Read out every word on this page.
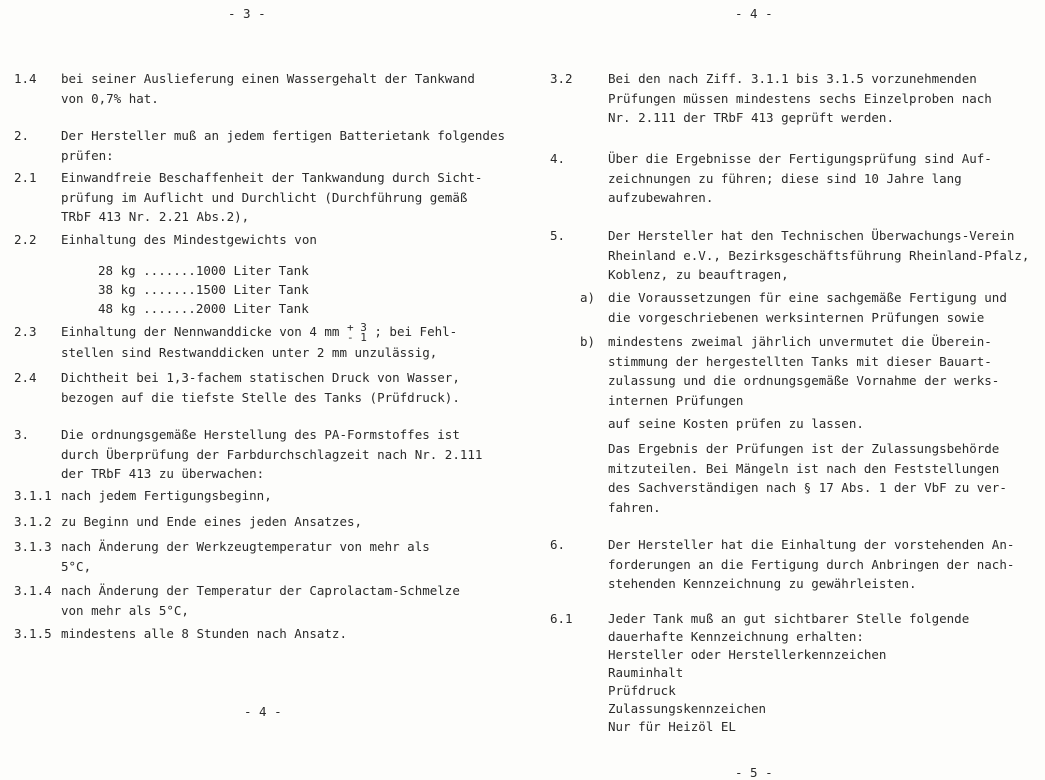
- 3 -
1.4 bei seiner Auslieferung einen Wassergehalt der Tankwand
von 0,7% hat.
2.	Der Hersteller muß an jedem fertigen Batterietank folgendes
prüfen:
2.1 Einwandfreie Beschaffenheit der Tankwandung durch Sicht-
prüfung im Auflicht und Durchlicht (Durchführung gemäß
TRbF 413 Nr. 2.21 Abs.2),
2.2 Einhaltung des Mindestgewichts von
28 kg .......1000 Liter Tank
38 kg .......1500 Liter Tank
48 kg .......2000 Liter Tank
2.3 Einhaltung der Nennwanddicke von 4 mm + 3
- 1 ; bei Fehl-
stellen sind Restwanddicken unter 2 mm unzulässig,
2.4 Dichtheit bei 1,3-fachem statischen Druck von Wasser,
bezogen auf die tiefste Stelle des Tanks (Prüfdruck).
3.	Die ordnungsgemäße Herstellung des PA-Formstoffes ist
durch Überprüfung der Farbdurchschlagzeit nach Nr. 2.111
der TRbF 413 zu überwachen:
3.1.1 nach jedem Fertigungsbeginn,
3.1.2 zu Beginn und Ende eines jeden Ansatzes,
3.1.3 nach Änderung der Werkzeugtemperatur von mehr als
5°C,
3.1.4 nach Änderung der Temperatur der Caprolactam-Schmelze
von mehr als 5°C,
3.1.5 mindestens alle 8 Stunden nach Ansatz.
- 4 -
- 4 -
3.2	Bei den nach Ziff. 3.1.1 bis 3.1.5 vorzunehmenden
Prüfungen müssen mindestens sechs Einzelproben nach
Nr. 2.111 der TRbF 413 geprüft werden.
4.	Über die Ergebnisse der Fertigungsprüfung sind Auf-
zeichnungen zu führen; diese sind 10 Jahre lang
aufzubewahren.
5.	Der Hersteller hat den Technischen Überwachungs-Verein
Rheinland e.V., Bezirksgeschäftsführung Rheinland-Pfalz,
Koblenz, zu beauftragen,
a) die Voraussetzungen für eine sachgemäße Fertigung und
die vorgeschriebenen werksinternen Prüfungen sowie
b) mindestens zweimal jährlich unvermutet die Überein-
stimmung der hergestellten Tanks mit dieser Bauart-
zulassung und die ordnungsgemäße Vornahme der werks-
internen Prüfungen
auf seine Kosten prüfen zu lassen.
Das Ergebnis der Prüfungen ist der Zulassungsbehörde
mitzuteilen. Bei Mängeln ist nach den Feststellungen
des Sachverständigen nach § 17 Abs. 1 der VbF zu ver-
fahren.
6.	Der Hersteller hat die Einhaltung der vorstehenden An-
forderungen an die Fertigung durch Anbringen der nach-
stehenden Kennzeichnung zu gewährleisten.
6.1	Jeder Tank muß an gut sichtbarer Stelle folgende
dauerhafte Kennzeichnung erhalten:
Hersteller oder Herstellerkennzeichen
Rauminhalt
Prüfdruck
Zulassungskennzeichen
Nur für Heizöl EL
- 5 -
